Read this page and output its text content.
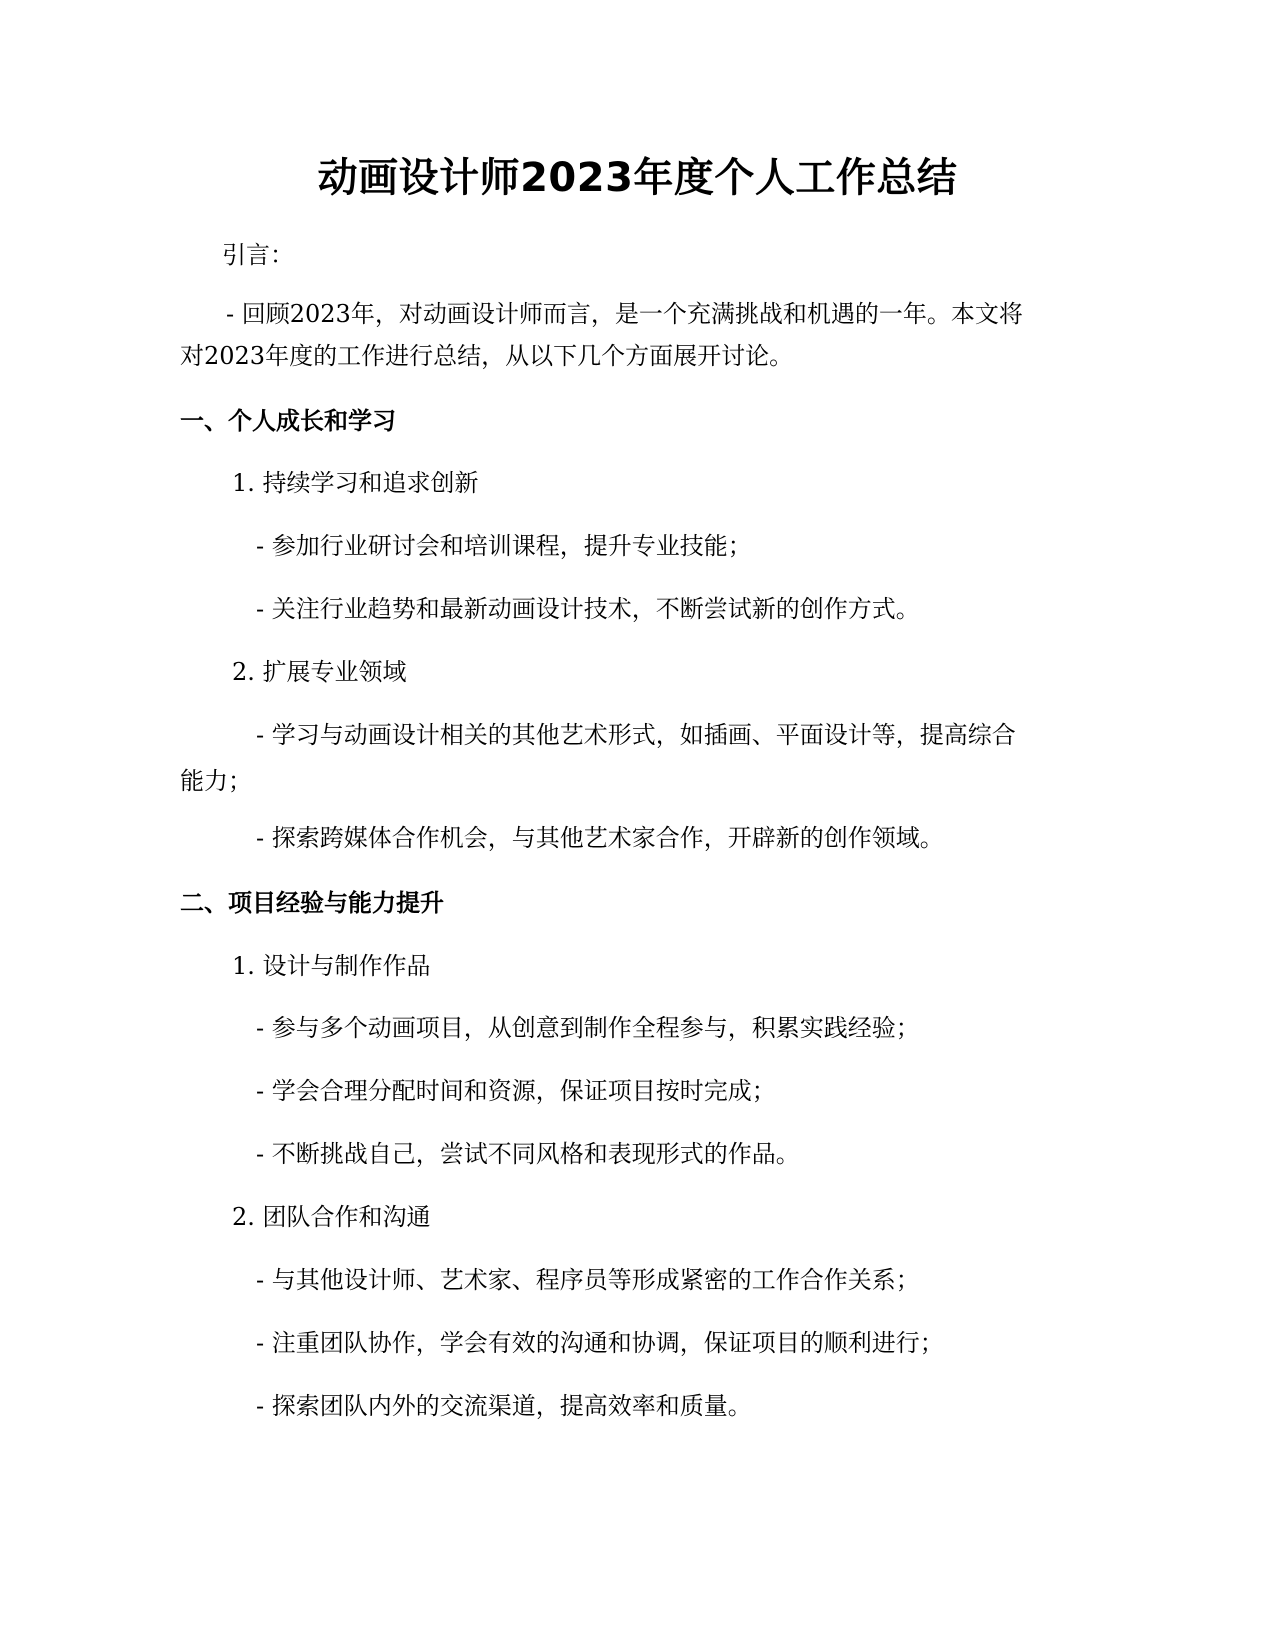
动画设计师2023年度个人工作总结

引言：

- 回顾2023年，对动画设计师而言，是一个充满挑战和机遇的一年。本文将

对2023年度的工作进行总结，从以下几个方面展开讨论。

一、个人成长和学习

1. 持续学习和追求创新

- 参加行业研讨会和培训课程，提升专业技能；

- 关注行业趋势和最新动画设计技术，不断尝试新的创作方式。

2. 扩展专业领域

- 学习与动画设计相关的其他艺术形式，如插画、平面设计等，提高综合能力；

- 探索跨媒体合作机会，与其他艺术家合作，开辟新的创作领域。

二、项目经验与能力提升

1. 设计与制作作品

- 参与多个动画项目，从创意到制作全程参与，积累实践经验；

- 学会合理分配时间和资源，保证项目按时完成；

- 不断挑战自己，尝试不同风格和表现形式的作品。

2. 团队合作和沟通

- 与其他设计师、艺术家、程序员等形成紧密的工作合作关系；

- 注重团队协作，学会有效的沟通和协调，保证项目的顺利进行；

- 探索团队内外的交流渠道，提高效率和质量。
